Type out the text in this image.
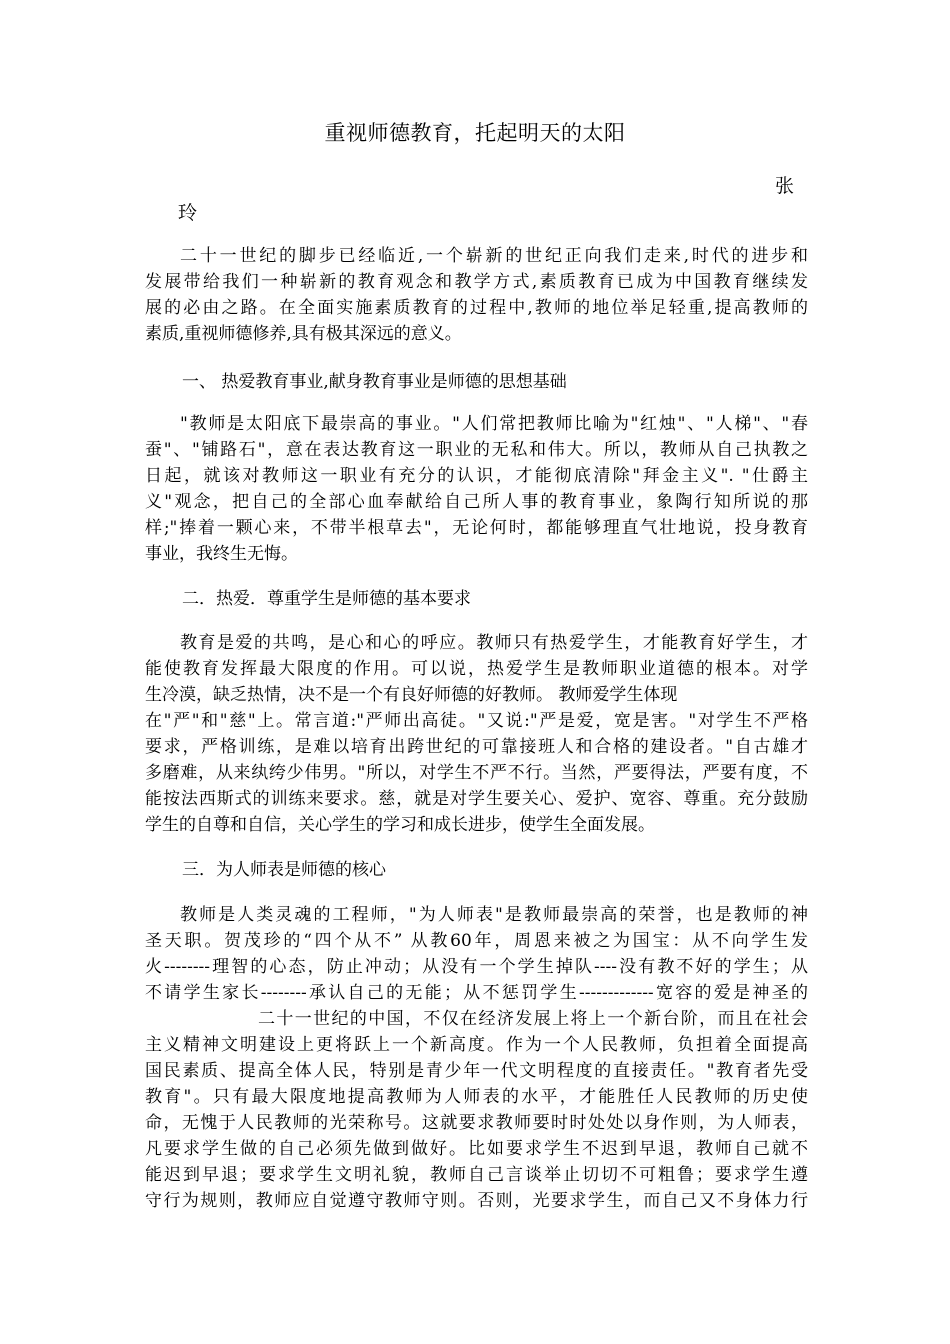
重视师德教育，托起明天的太阳
张
玲
二十一世纪的脚步已经临近,一个崭新的世纪正向我们走来,时代的进步和
发展带给我们一种崭新的教育观念和教学方式,素质教育已成为中国教育继续发
展的必由之路。在全面实施素质教育的过程中,教师的地位举足轻重,提高教师的
素质,重视师德修养,具有极其深远的意义。
一、 热爱教育事业,献身教育事业是师德的思想基础
"教师是太阳底下最崇高的事业。"人们常把教师比喻为"红烛"、"人梯"、"春
蚕"、"铺路石"，意在表达教育这一职业的无私和伟大。所以，教师从自己执教之
日起，就该对教师这一职业有充分的认识，才能彻底清除"拜金主义". "仕爵主
义"观念，把自己的全部心血奉献给自己所人事的教育事业，象陶行知所说的那
样;"捧着一颗心来，不带半根草去"，无论何时，都能够理直气壮地说，投身教育
事业，我终生无悔。
二．热爱．尊重学生是师德的基本要求
教育是爱的共鸣，是心和心的呼应。教师只有热爱学生，才能教育好学生，才
能使教育发挥最大限度的作用。可以说，热爱学生是教师职业道德的根本。对学
生冷漠，缺乏热情，决不是一个有良好师德的好教师。 教师爱学生体现
在"严"和"慈"上。常言道:"严师出高徒。"又说:"严是爱，宽是害。"对学生不严格
要求，严格训练，是难以培育出跨世纪的可靠接班人和合格的建设者。"自古雄才
多磨难，从来纨绔少伟男。"所以，对学生不严不行。当然，严要得法，严要有度，不
能按法西斯式的训练来要求。慈，就是对学生要关心、爱护、宽容、尊重。充分鼓励
学生的自尊和自信，关心学生的学习和成长进步，使学生全面发展。
三．为人师表是师德的核心
教师是人类灵魂的工程师，"为人师表"是教师最崇高的荣誉，也是教师的神
圣天职。贺茂珍的“四个从不” 从教60年，周恩来被之为国宝：从不向学生发
火--------理智的心态，防止冲动；从没有一个学生掉队----没有教不好的学生；从
不请学生家长--------承认自己的无能；从不惩罚学生-------------宽容的爱是神圣的
二十一世纪的中国，不仅在经济发展上将上一个新台阶，而且在社会
主义精神文明建设上更将跃上一个新高度。作为一个人民教师，负担着全面提高
国民素质、提高全体人民，特别是青少年一代文明程度的直接责任。"教育者先受
教育"。只有最大限度地提高教师为人师表的水平，才能胜任人民教师的历史使
命，无愧于人民教师的光荣称号。这就要求教师要时时处处以身作则，为人师表，
凡要求学生做的自己必须先做到做好。比如要求学生不迟到早退，教师自己就不
能迟到早退；要求学生文明礼貌，教师自己言谈举止切切不可粗鲁；要求学生遵
守行为规则，教师应自觉遵守教师守则。否则，光要求学生，而自己又不身体力行
